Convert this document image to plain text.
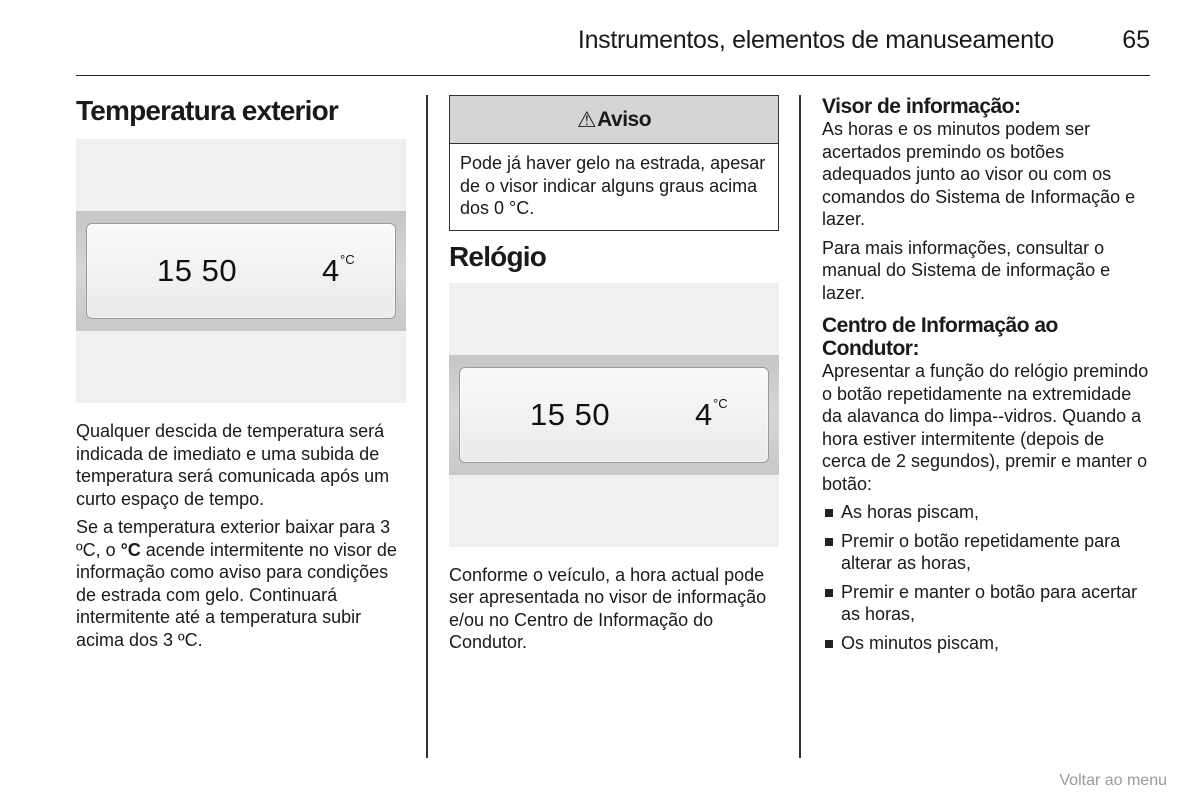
Instrumentos, elementos de manuseamento	65
Temperatura exterior
15 50	4 °C

Qualquer descida de temperatura será indicada de imediato e uma subida de temperatura será comunicada após um curto espaço de tempo.

Se a temperatura exterior baixar para 3 ºC, o °C acende intermitente no visor de informação como aviso para condições de estrada com gelo. Continuará intermitente até a temperatura subir acima dos 3 ºC.

⚠ Aviso

Pode já haver gelo na estrada, apesar de o visor indicar alguns graus acima dos 0 °C.

Relógio
15 50	4 °C

Conforme o veículo, a hora actual pode ser apresentada no visor de informação e/ou no Centro de Informação do Condutor.

Visor de informação:

As horas e os minutos podem ser acertados premindo os botões adequados junto ao visor ou com os comandos do Sistema de Informação e lazer.

Para mais informações, consultar o manual do Sistema de informação e lazer.

Centro de Informação ao Condutor:

Apresentar a função do relógio premindo o botão repetidamente na extremidade da alavanca do limpa--vidros. Quando a hora estiver intermitente (depois de cerca de 2 segundos), premir e manter o botão:

As horas piscam,
Premir o botão repetidamente para alterar as horas,
Premir e manter o botão para acertar as horas,
Os minutos piscam,
Voltar ao menu
